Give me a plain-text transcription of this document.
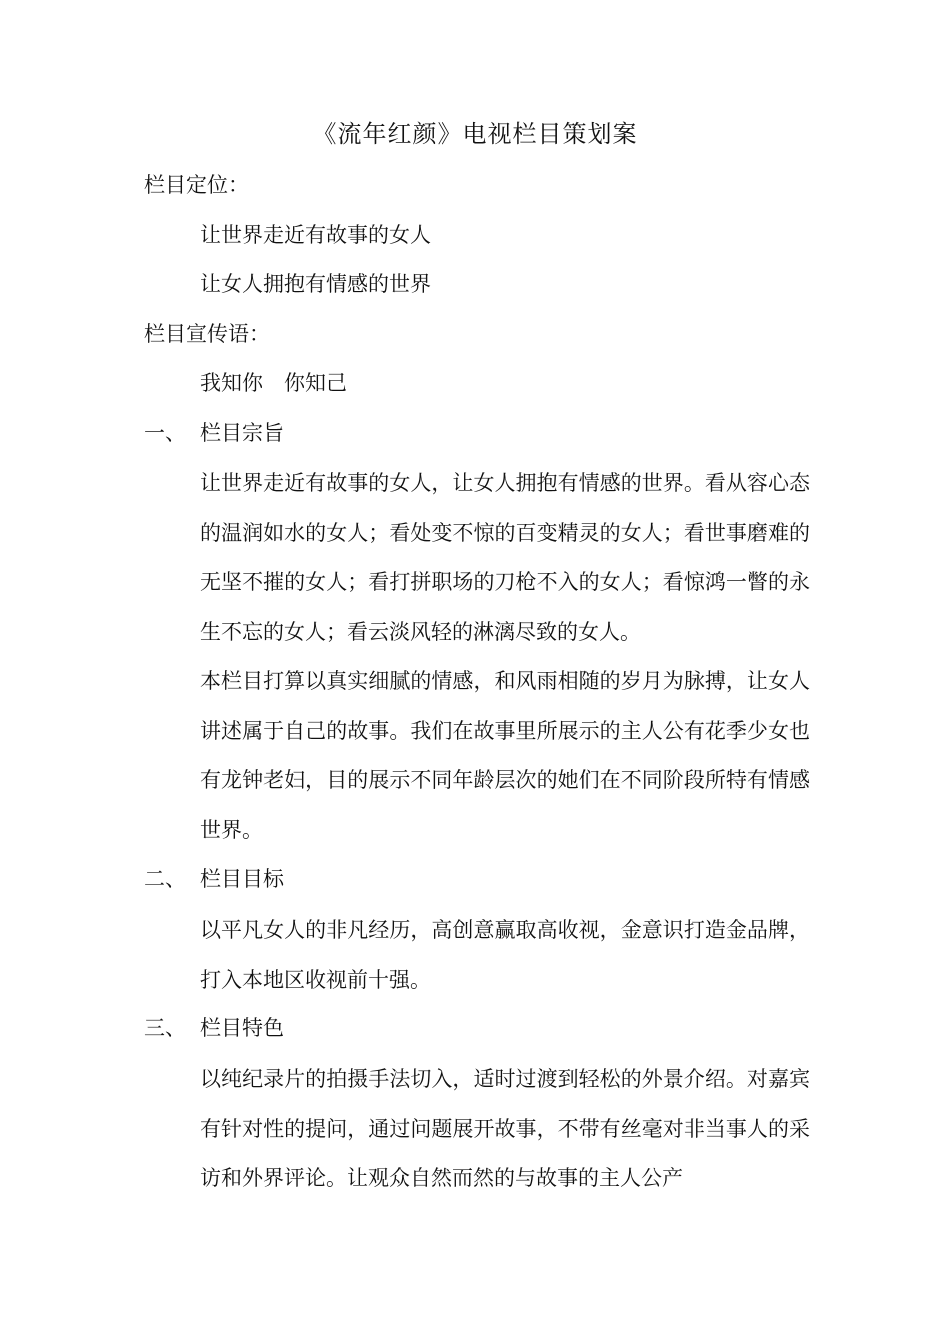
《流年红颜》电视栏目策划案
栏目定位：
让世界走近有故事的女人
让女人拥抱有情感的世界
栏目宣传语：
我知你　你知己
一、 栏目宗旨

让世界走近有故事的女人，让女人拥抱有情感的世界。看从容心态的温润如水的女人；看处变不惊的百变精灵的女人；看世事磨难的无坚不摧的女人；看打拼职场的刀枪不入的女人；看惊鸿一瞥的永生不忘的女人；看云淡风轻的淋漓尽致的女人。

本栏目打算以真实细腻的情感，和风雨相随的岁月为脉搏，让女人讲述属于自己的故事。我们在故事里所展示的主人公有花季少女也有龙钟老妇，目的展示不同年龄层次的她们在不同阶段所特有情感世界。

二、 栏目目标

以平凡女人的非凡经历，高创意赢取高收视，金意识打造金品牌，打入本地区收视前十强。

三、 栏目特色

以纯纪录片的拍摄手法切入，适时过渡到轻松的外景介绍。对嘉宾有针对性的提问，通过问题展开故事，不带有丝毫对非当事人的采访和外界评论。让观众自然而然的与故事的主人公产
